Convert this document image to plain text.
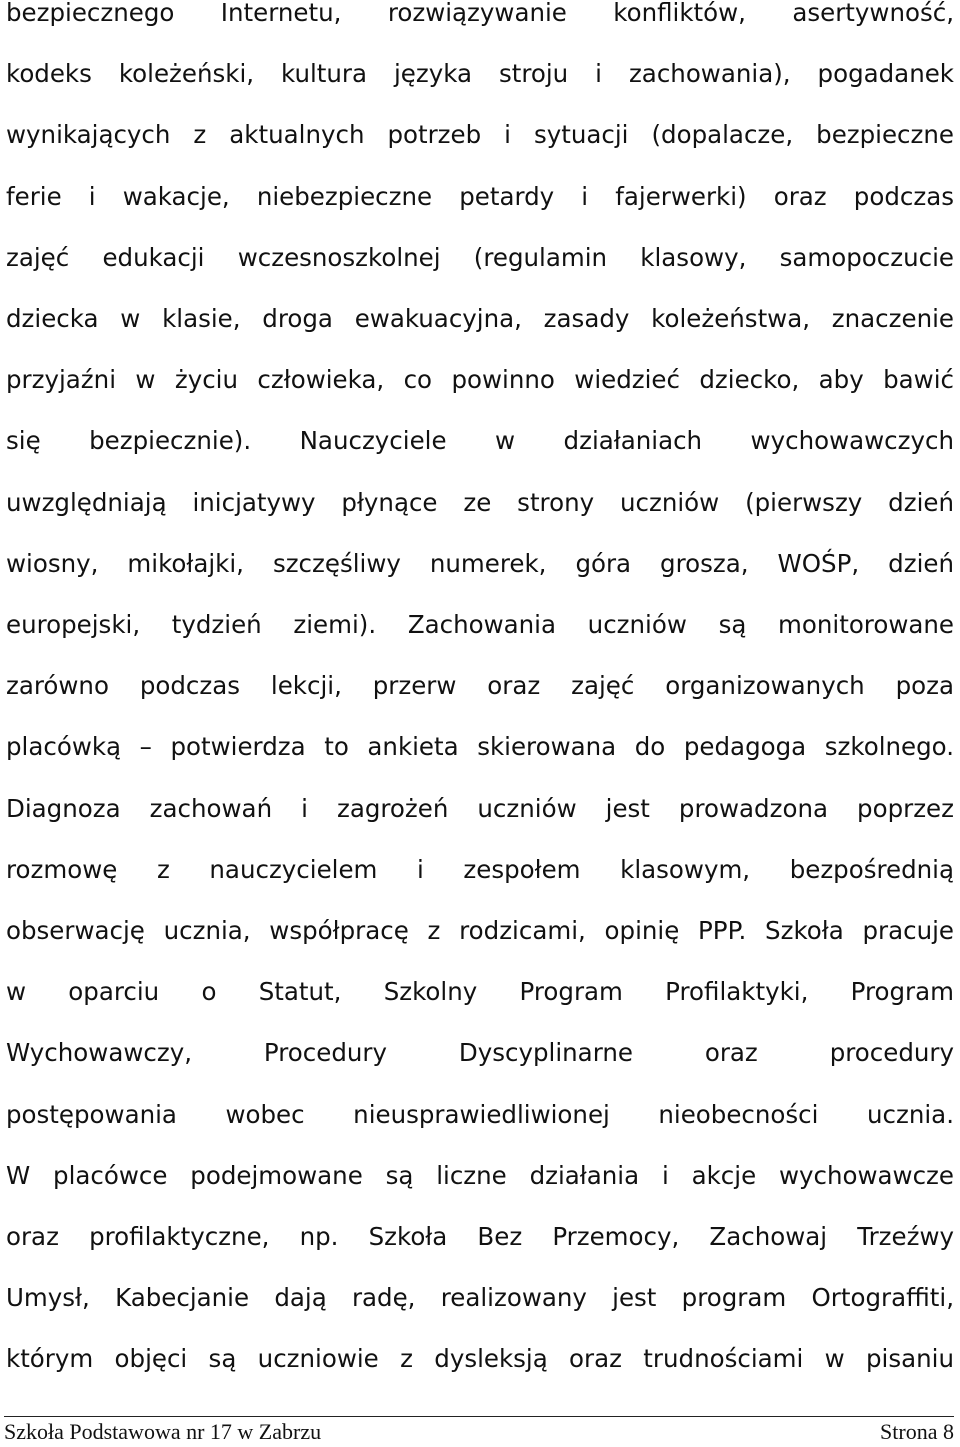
bezpiecznego Internetu, rozwiązywanie konfliktów, asertywność,
kodeks koleżeński, kultura języka stroju i zachowania), pogadanek
wynikających z aktualnych potrzeb i sytuacji (dopalacze, bezpieczne
ferie i wakacje, niebezpieczne petardy i fajerwerki) oraz podczas
zajęć edukacji wczesnoszkolnej (regulamin klasowy, samopoczucie
dziecka w klasie, droga ewakuacyjna, zasady koleżeństwa, znaczenie
przyjaźni w życiu człowieka, co powinno wiedzieć dziecko, aby bawić
się bezpiecznie). Nauczyciele w działaniach wychowawczych
uwzględniają inicjatywy płynące ze strony uczniów (pierwszy dzień
wiosny, mikołajki, szczęśliwy numerek, góra grosza, WOŚP, dzień
europejski, tydzień ziemi). Zachowania uczniów są monitorowane
zarówno podczas lekcji, przerw oraz zajęć organizowanych poza
placówką – potwierdza to ankieta skierowana do pedagoga szkolnego.
Diagnoza zachowań i zagrożeń uczniów jest prowadzona poprzez
rozmowę z nauczycielem i zespołem klasowym, bezpośrednią
obserwację ucznia, współpracę z rodzicami, opinię PPP. Szkoła pracuje
w oparciu o Statut, Szkolny Program Profilaktyki, Program
Wychowawczy, Procedury Dyscyplinarne oraz procedury
postępowania wobec nieusprawiedliwionej nieobecności ucznia.
W placówce podejmowane są liczne działania i akcje wychowawcze
oraz profilaktyczne, np. Szkoła Bez Przemocy, Zachowaj Trzeźwy
Umysł, Kabecjanie dają radę, realizowany jest program Ortograffiti,
którym objęci są uczniowie z dysleksją oraz trudnościami w pisaniu
Szkoła Podstawowa nr 17 w Zabrzu	Strona 8
